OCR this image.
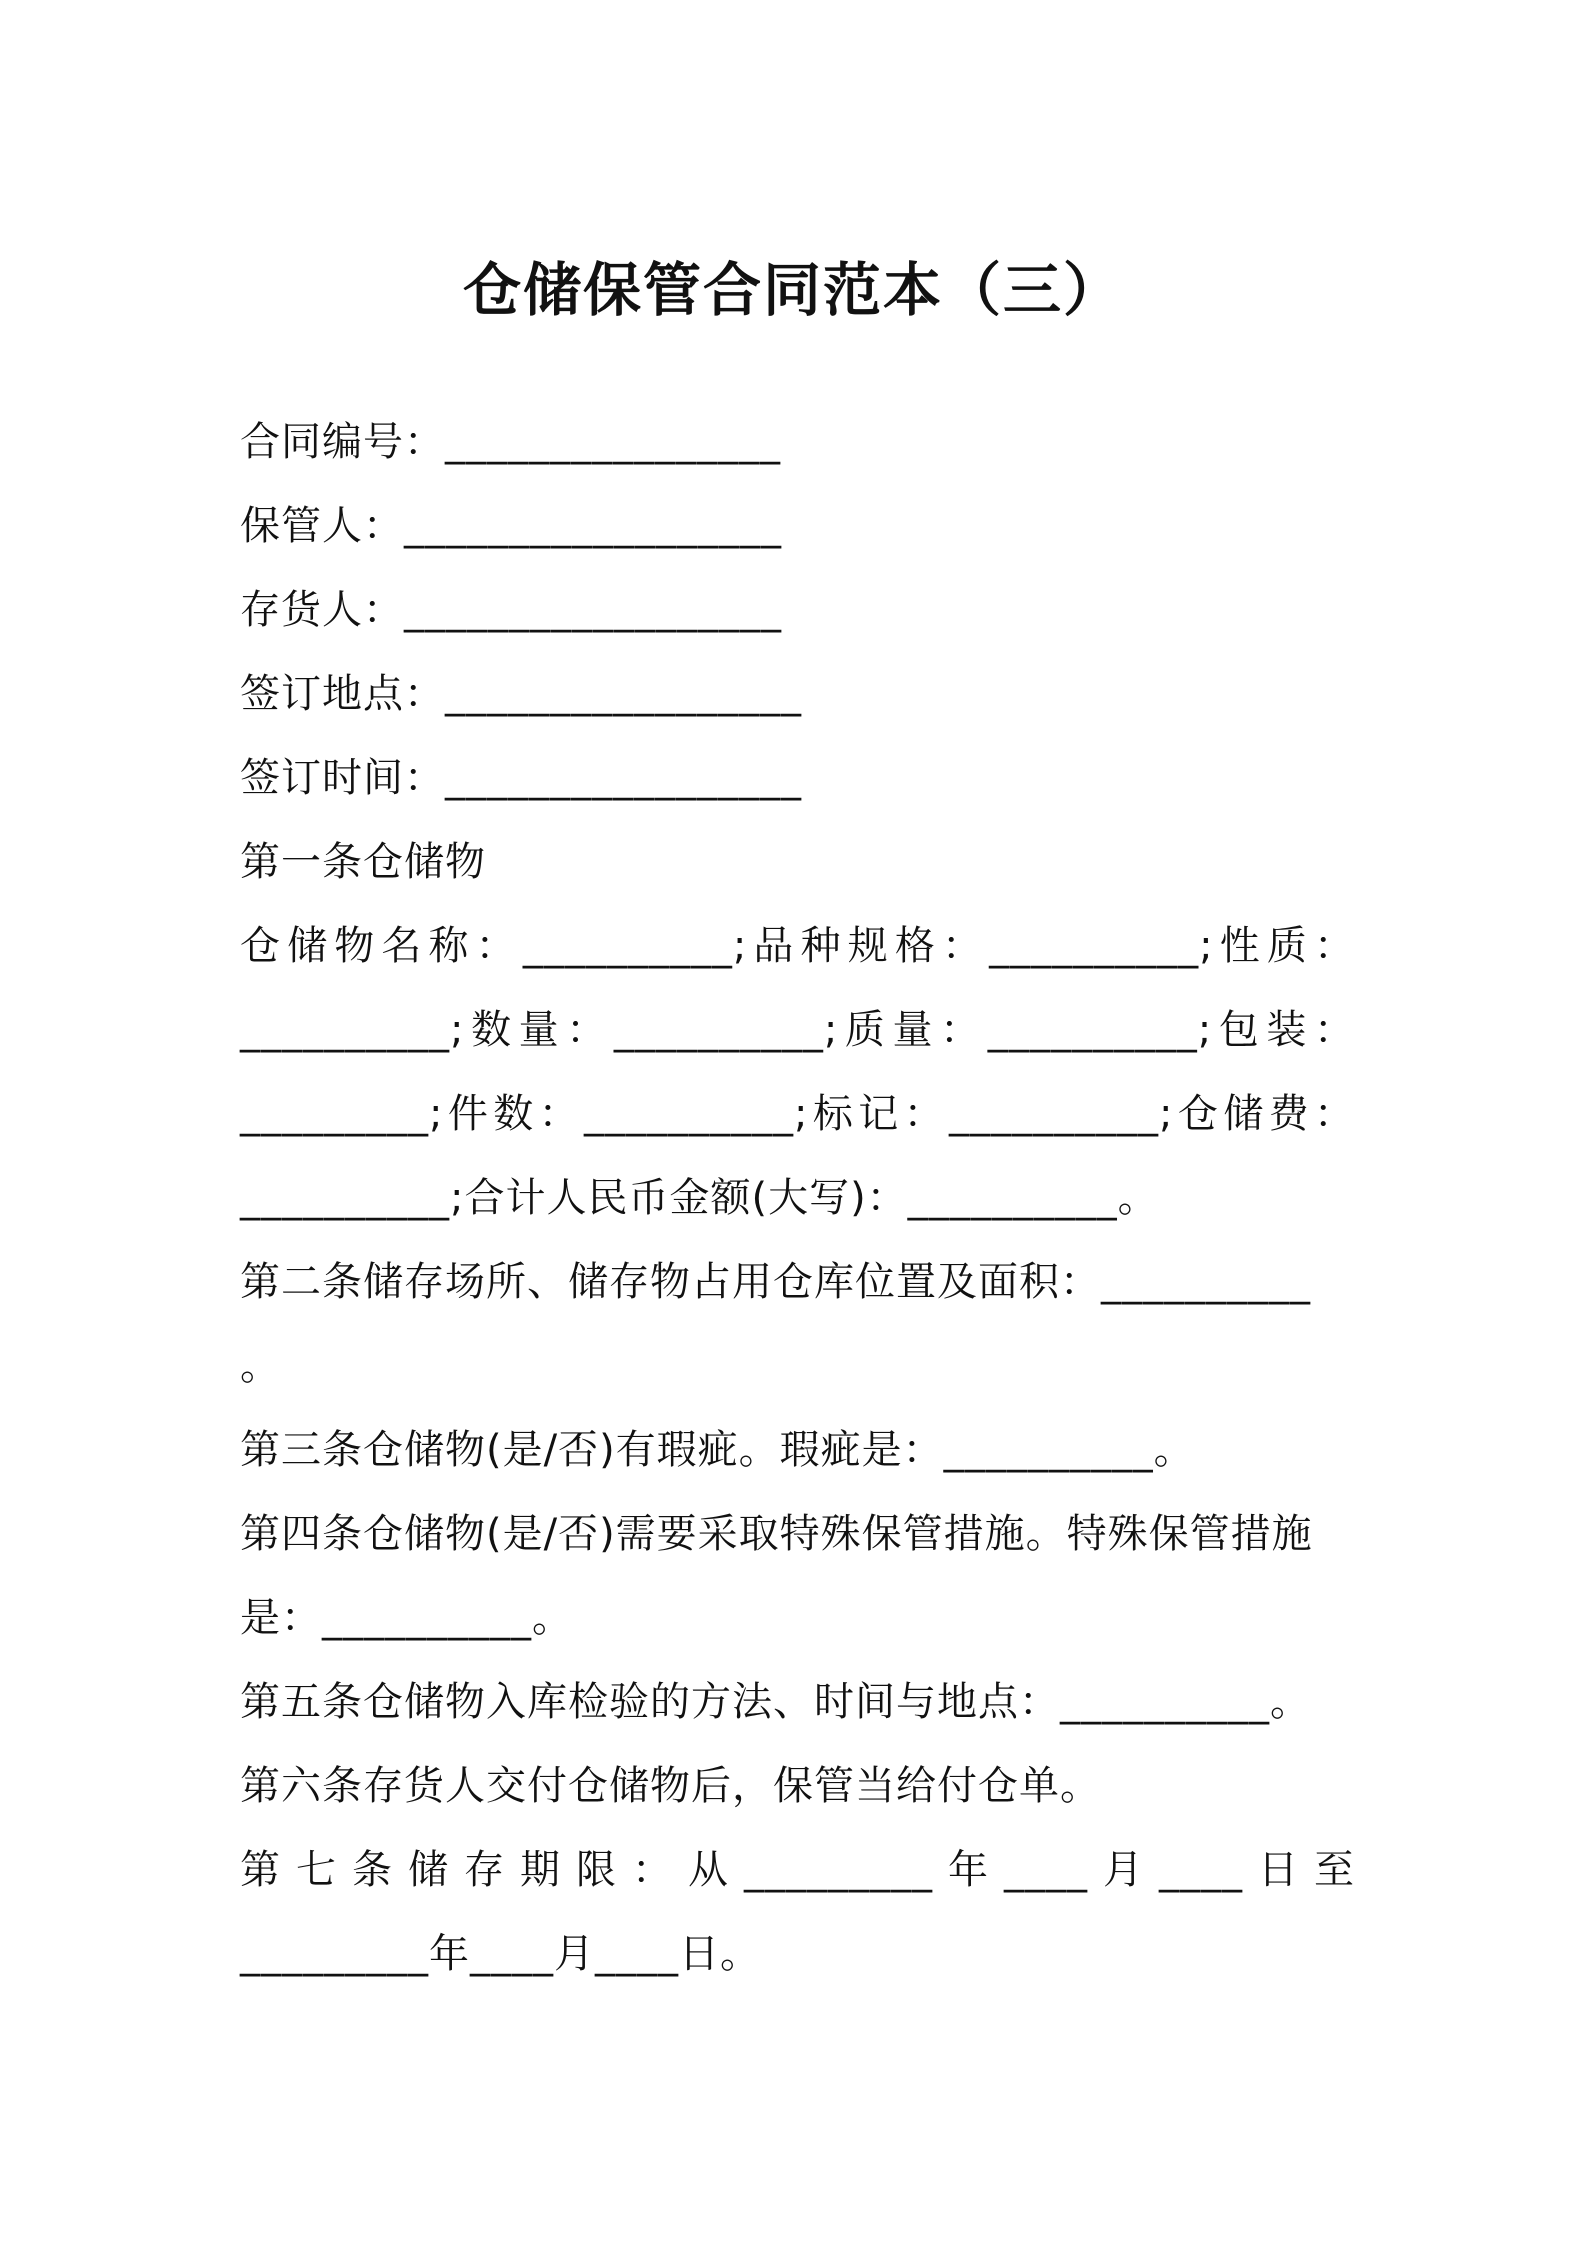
仓储保管合同范本（三）
合同编号：________________
保管人：__________________
存货人：__________________
签订地点：_________________
签订时间：_________________
第一条仓储物
仓储物名称：__________;品种规格：__________;性质：
__________;数量：__________;质量：__________;包装：
_________;件数：__________;标记：__________;仓储费：
__________;合计人民币金额(大写)：__________。
第二条储存场所、储存物占用仓库位置及面积：__________
。
第三条仓储物(是/否)有瑕疵。瑕疵是：__________。
第四条仓储物(是/否)需要采取特殊保管措施。特殊保管措施
是：__________。
第五条仓储物入库检验的方法、时间与地点：__________。
第六条存货人交付仓储物后，保管当给付仓单。
第七条储存期限：从_________年____月____日至
_________年____月____日。
